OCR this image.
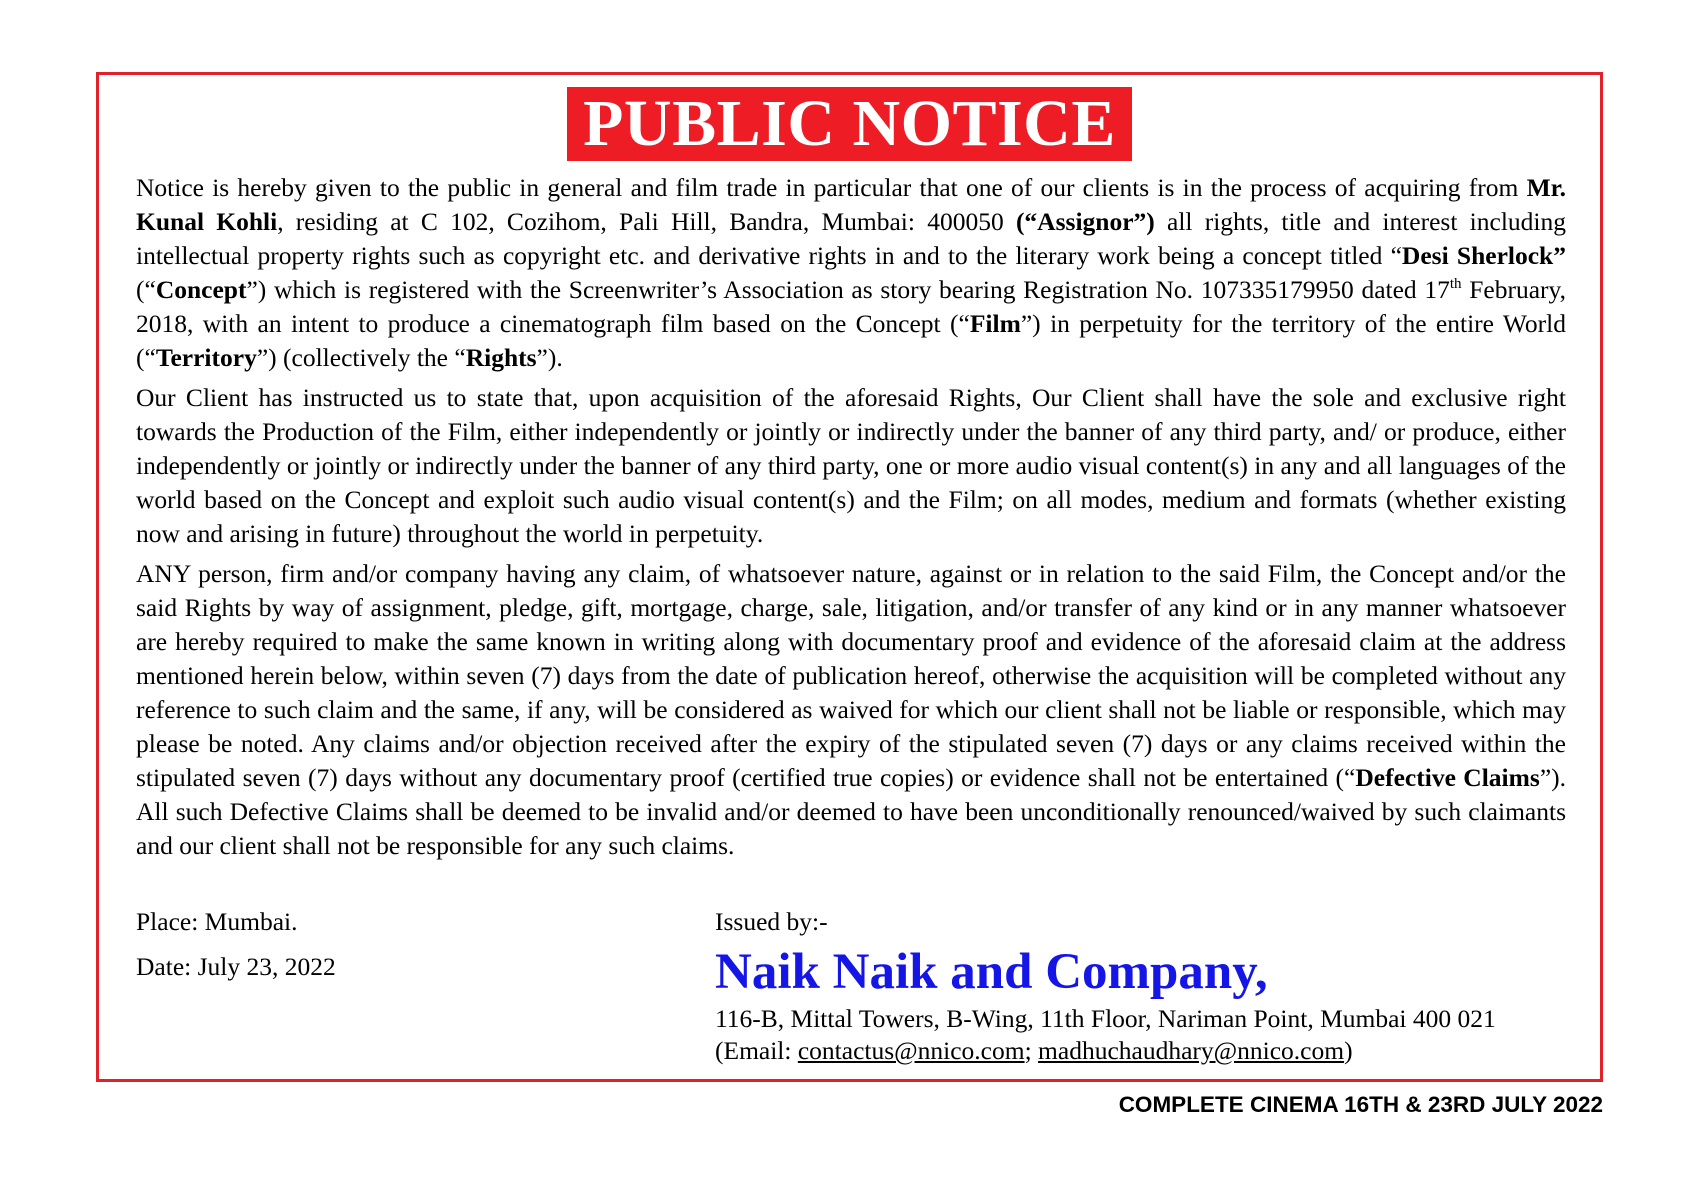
PUBLIC NOTICE

Notice is hereby given to the public in general and film trade in particular that one of our clients is in the process of acquiring from Mr. Kunal Kohli, residing at C 102, Cozihom, Pali Hill, Bandra, Mumbai: 400050 (“Assignor”) all rights, title and interest including intellectual property rights such as copyright etc. and derivative rights in and to the literary work being a concept titled “Desi Sherlock” (“Concept”) which is registered with the Screenwriter’s Association as story bearing Registration No. 107335179950 dated 17th February, 2018, with an intent to produce a cinematograph film based on the Concept (“Film”) in perpetuity for the territory of the entire World (“Territory”) (collectively the “Rights”).

Our Client has instructed us to state that, upon acquisition of the aforesaid Rights, Our Client shall have the sole and exclusive right towards the Production of the Film, either independently or jointly or indirectly under the banner of any third party, and/ or produce, either independently or jointly or indirectly under the banner of any third party, one or more audio visual content(s) in any and all languages of the world based on the Concept and exploit such audio visual content(s) and the Film; on all modes, medium and formats (whether existing now and arising in future) throughout the world in perpetuity.

ANY person, firm and/or company having any claim, of whatsoever nature, against or in relation to the said Film, the Concept and/or the said Rights by way of assignment, pledge, gift, mortgage, charge, sale, litigation, and/or transfer of any kind or in any manner whatsoever are hereby required to make the same known in writing along with documentary proof and evidence of the aforesaid claim at the address mentioned herein below, within seven (7) days from the date of publication hereof, otherwise the acquisition will be completed without any reference to such claim and the same, if any, will be considered as waived for which our client shall not be liable or responsible, which may please be noted. Any claims and/or objection received after the expiry of the stipulated seven (7) days or any claims received within the stipulated seven (7) days without any documentary proof (certified true copies) or evidence shall not be entertained (“Defective Claims”). All such Defective Claims shall be deemed to be invalid and/or deemed to have been unconditionally renounced/waived by such claimants and our client shall not be responsible for any such claims.

Place: Mumbai.
Date: July 23, 2022
Issued by:-
Naik Naik and Company,
116-B, Mittal Towers, B-Wing, 11th Floor, Nariman Point, Mumbai 400 021
(Email: contactus@nnico.com; madhuchaudhary@nnico.com)
COMPLETE CINEMA 16TH & 23RD JULY 2022
